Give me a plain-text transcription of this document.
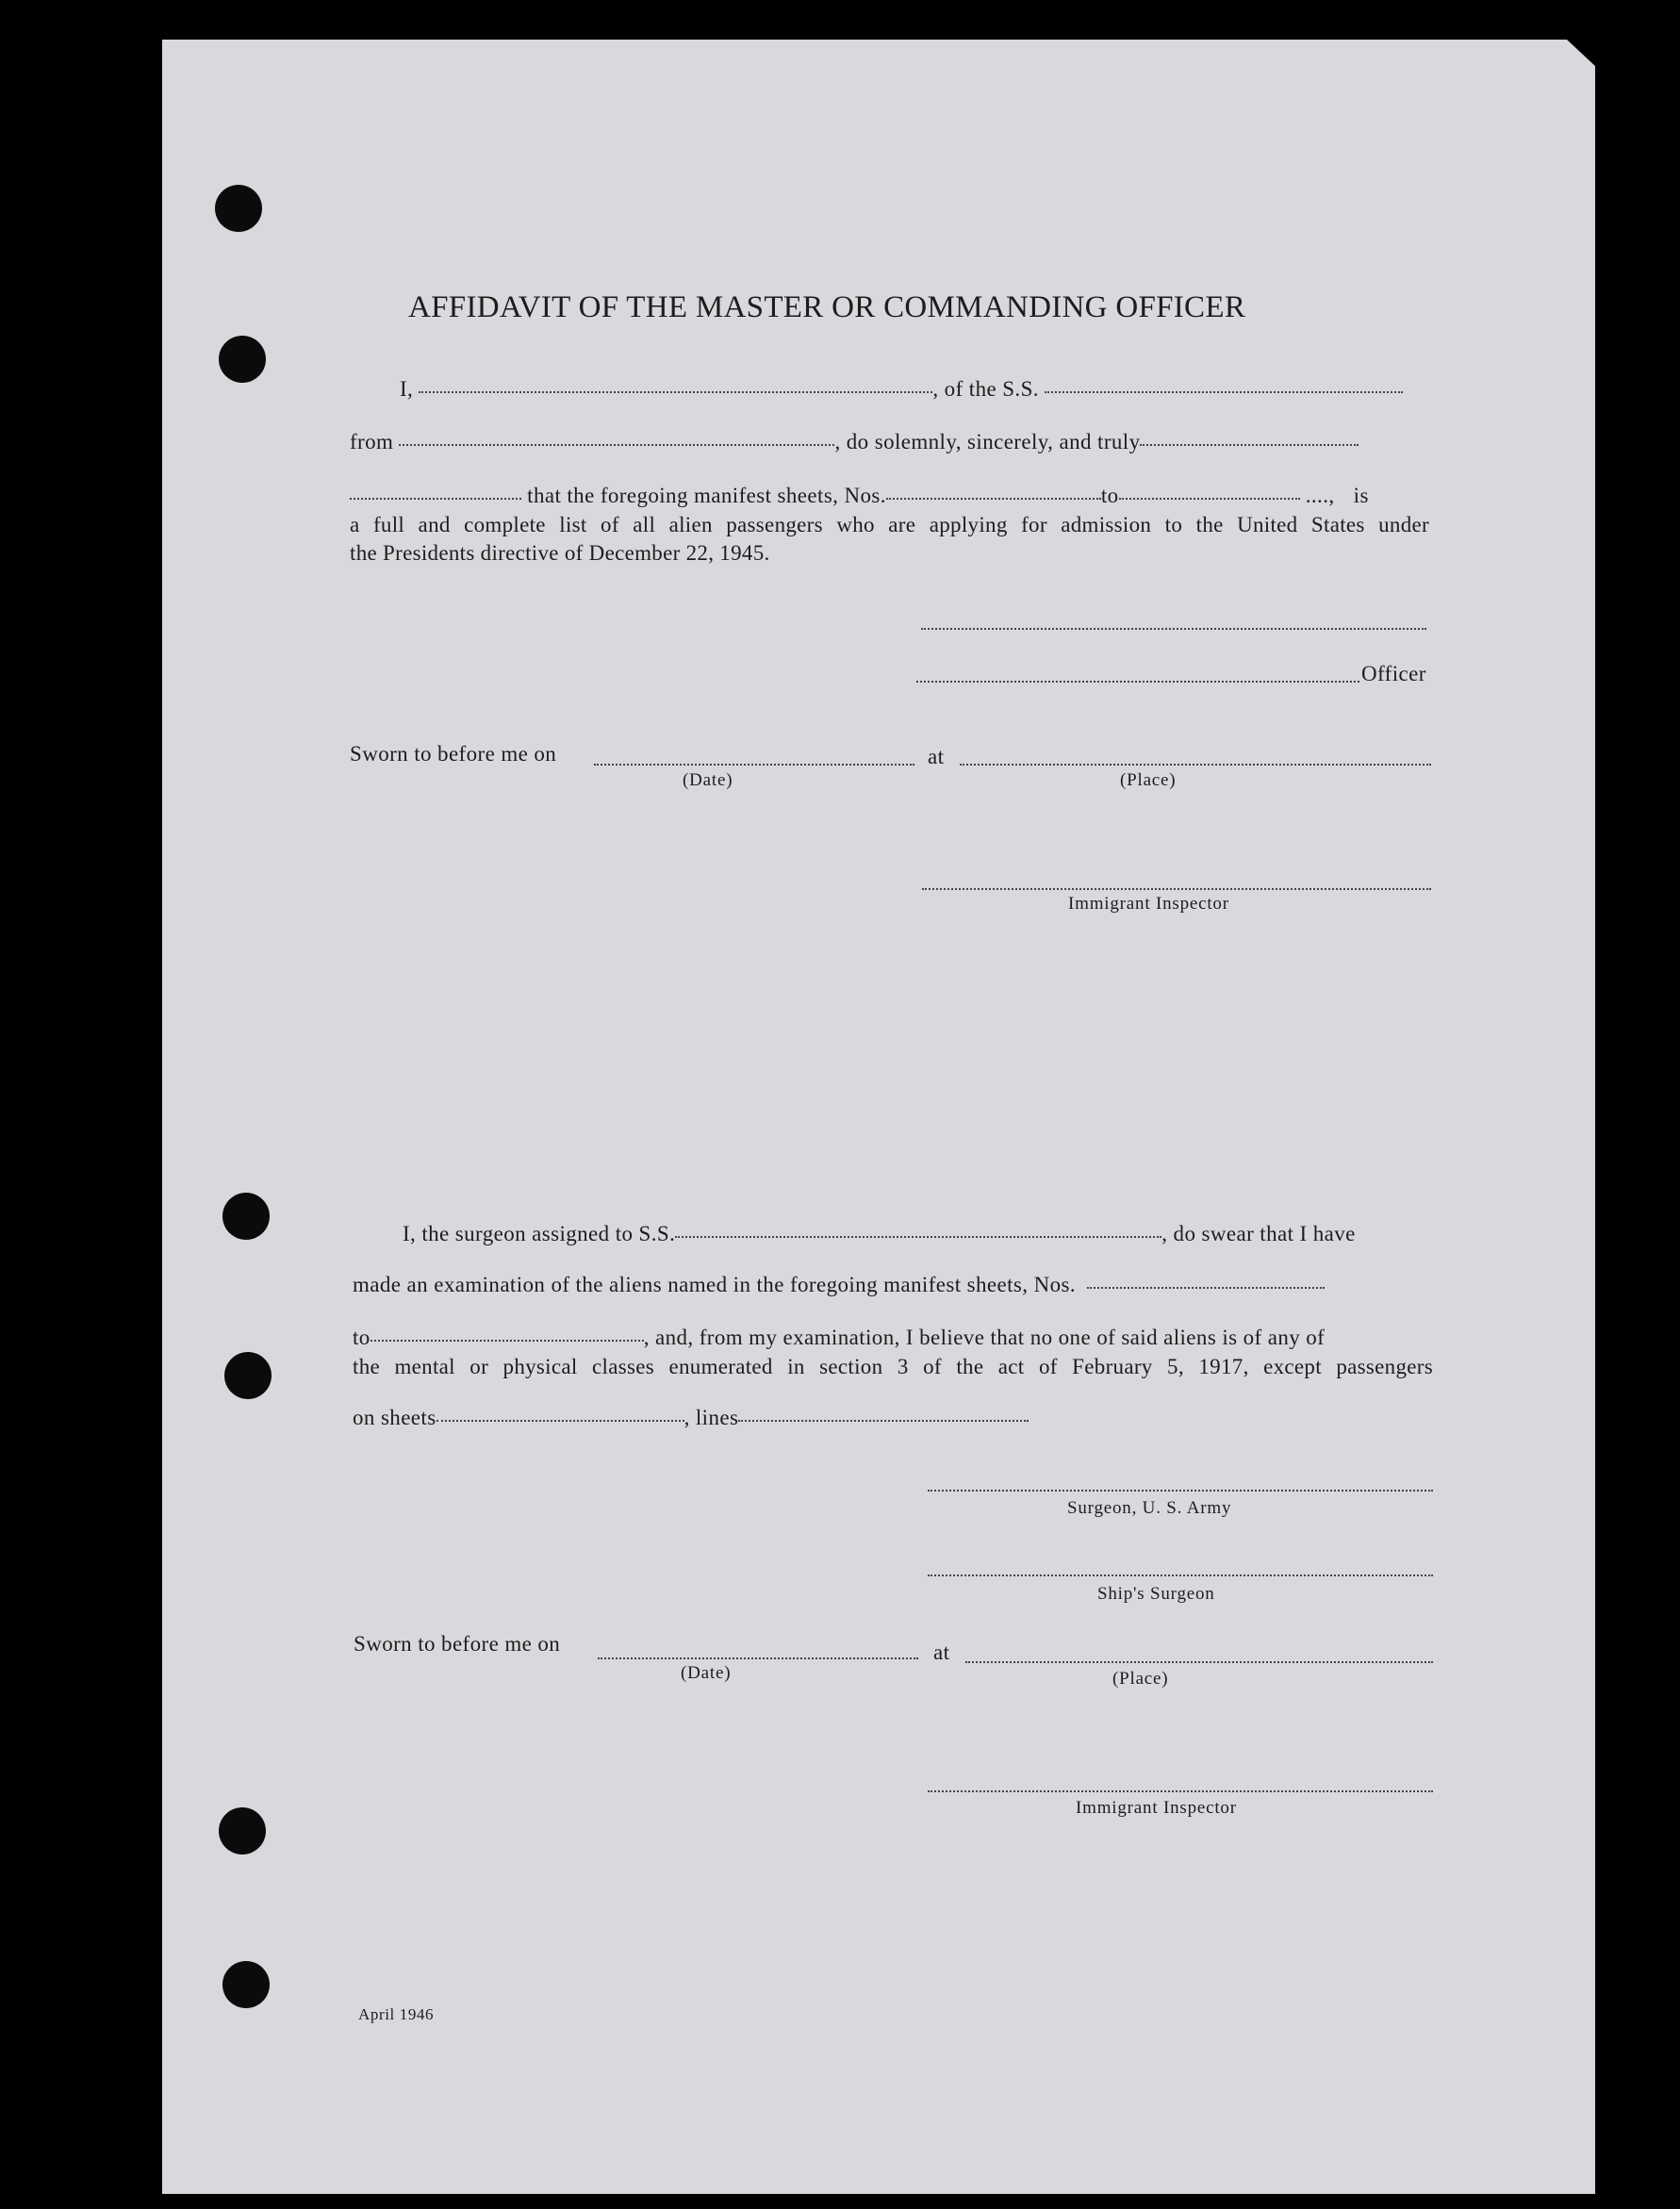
AFFIDAVIT OF THE MASTER OR COMMANDING OFFICER
I,	, of the S.S.
from	, do solemnly, sincerely, and truly
that the foregoing manifest sheets, Nos.	to	...., is
a full and complete list of all alien passengers who are applying for admission to the United States under
the Presidents directive of December 22, 1945.
Officer
Sworn to before me on	at
(Date)	(Place)
Immigrant Inspector
I, the surgeon assigned to S.S.	, do swear that I have
made an examination of the aliens named in the foregoing manifest sheets, Nos.
to	, and, from my examination, I believe that no one of said aliens is of any of
the mental or physical classes enumerated in section 3 of the act of February 5, 1917, except passengers
on sheets	, lines
Surgeon, U. S. Army
Ship's Surgeon
Sworn to before me on	at
(Date)	(Place)
Immigrant Inspector
April 1946
